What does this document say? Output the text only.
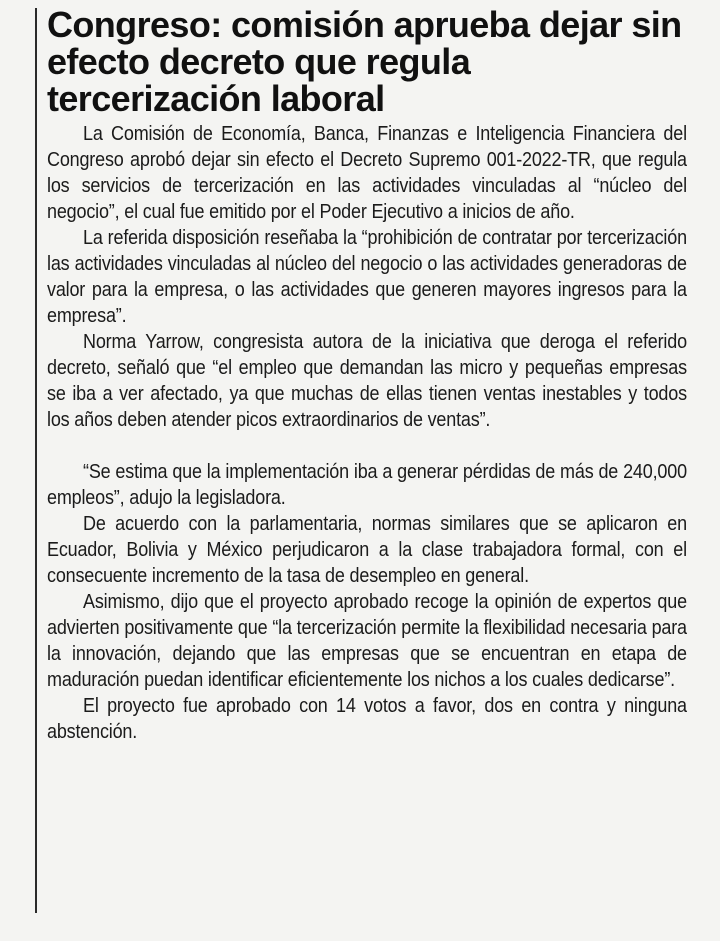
Congreso: comisión aprueba dejar sin efecto decreto que regula tercerización laboral

La Comisión de Economía, Banca, Finanzas e Inteligencia Financiera del Congreso aprobó dejar sin efecto el Decreto Supremo 001-2022-TR, que regula los servicios de tercerización en las actividades vinculadas al “núcleo del negocio”, el cual fue emitido por el Poder Ejecutivo a inicios de año.

La referida disposición reseñaba la “prohibición de contratar por tercerización las actividades vinculadas al núcleo del negocio o las actividades generadoras de valor para la empresa, o las actividades que generen mayores ingresos para la empresa”.

Norma Yarrow, congresista autora de la iniciativa que deroga el referido decreto, señaló que “el empleo que demandan las micro y pequeñas empresas se iba a ver afectado, ya que muchas de ellas tienen ventas inestables y todos los años deben atender picos extraordinarios de ventas”.

“Se estima que la implementación iba a generar pérdidas de más de 240,000 empleos”, adujo la legisladora.

De acuerdo con la parlamentaria, normas similares que se aplicaron en Ecuador, Bolivia y México perjudicaron a la clase trabajadora formal, con el consecuente incremento de la tasa de desempleo en general.

Asimismo, dijo que el proyecto aprobado recoge la opinión de expertos que advierten positivamente que “la tercerización permite la flexibilidad necesaria para la innovación, dejando que las empresas que se encuentran en etapa de maduración puedan identificar eficientemente los nichos a los cuales dedicarse”.

El proyecto fue aprobado con 14 votos a favor, dos en contra y ninguna abstención.
